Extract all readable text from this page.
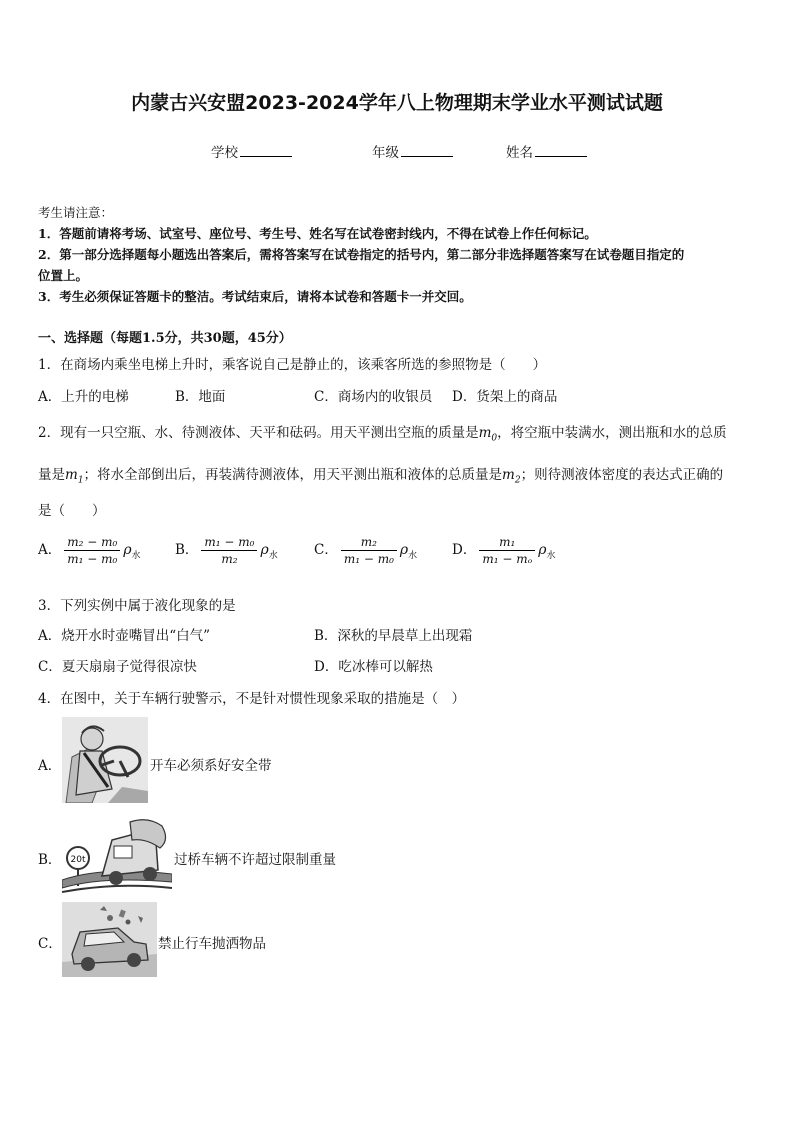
内蒙古兴安盟2023-2024学年八上物理期末学业水平测试试题
学校	年级	姓名
考生请注意：
1．答题前请将考场、试室号、座位号、考生号、姓名写在试卷密封线内，不得在试卷上作任何标记。
2．第一部分选择题每小题选出答案后，需将答案写在试卷指定的括号内，第二部分非选择题答案写在试卷题目指定的
位置上。
3．考生必须保证答题卡的整洁。考试结束后，请将本试卷和答题卡一并交回。
一、选择题（每题1.5分，共30题，45分）
1．在商场内乘坐电梯上升时，乘客说自己是静止的，该乘客所选的参照物是（　　）
A．上升的电梯	B．地面	C．商场内的收银员 D．货架上的商品
2．现有一只空瓶、水、待测液体、天平和砝码。用天平测出空瓶的质量是$m_0$，将空瓶中装满水，测出瓶和水的总质
量是$m_1$；将水全部倒出后，再装满待测液体，用天平测出瓶和液体的总质量是$m_2$；则待测液体密度的表达式正确的
是（　　）
A． $\frac{\text{m₂ − m₀}}{\text{m₁ − m₀}} \rho_水$	B． $\frac{\text{m₁ − m₀}}{\text{m₂}} \rho_水$	C． $\frac{\text{m₂}}{\text{m₁ − m₀}} \rho_水$	D． $\frac{\text{m₁}}{\text{m₁ − mₒ}} \rho_水$
3．下列实例中属于液化现象的是
A．烧开水时壶嘴冒出“白气”	B．深秋的早晨草上出现霜
C．夏天扇扇子觉得很凉快	D．吃冰棒可以解热
4．在图中，关于车辆行驶警示，不是针对惯性现象采取的措施是（　）
A．	开车必须系好安全带
B． 20t	过桥车辆不许超过限制重量
C．	禁止行车抛洒物品
